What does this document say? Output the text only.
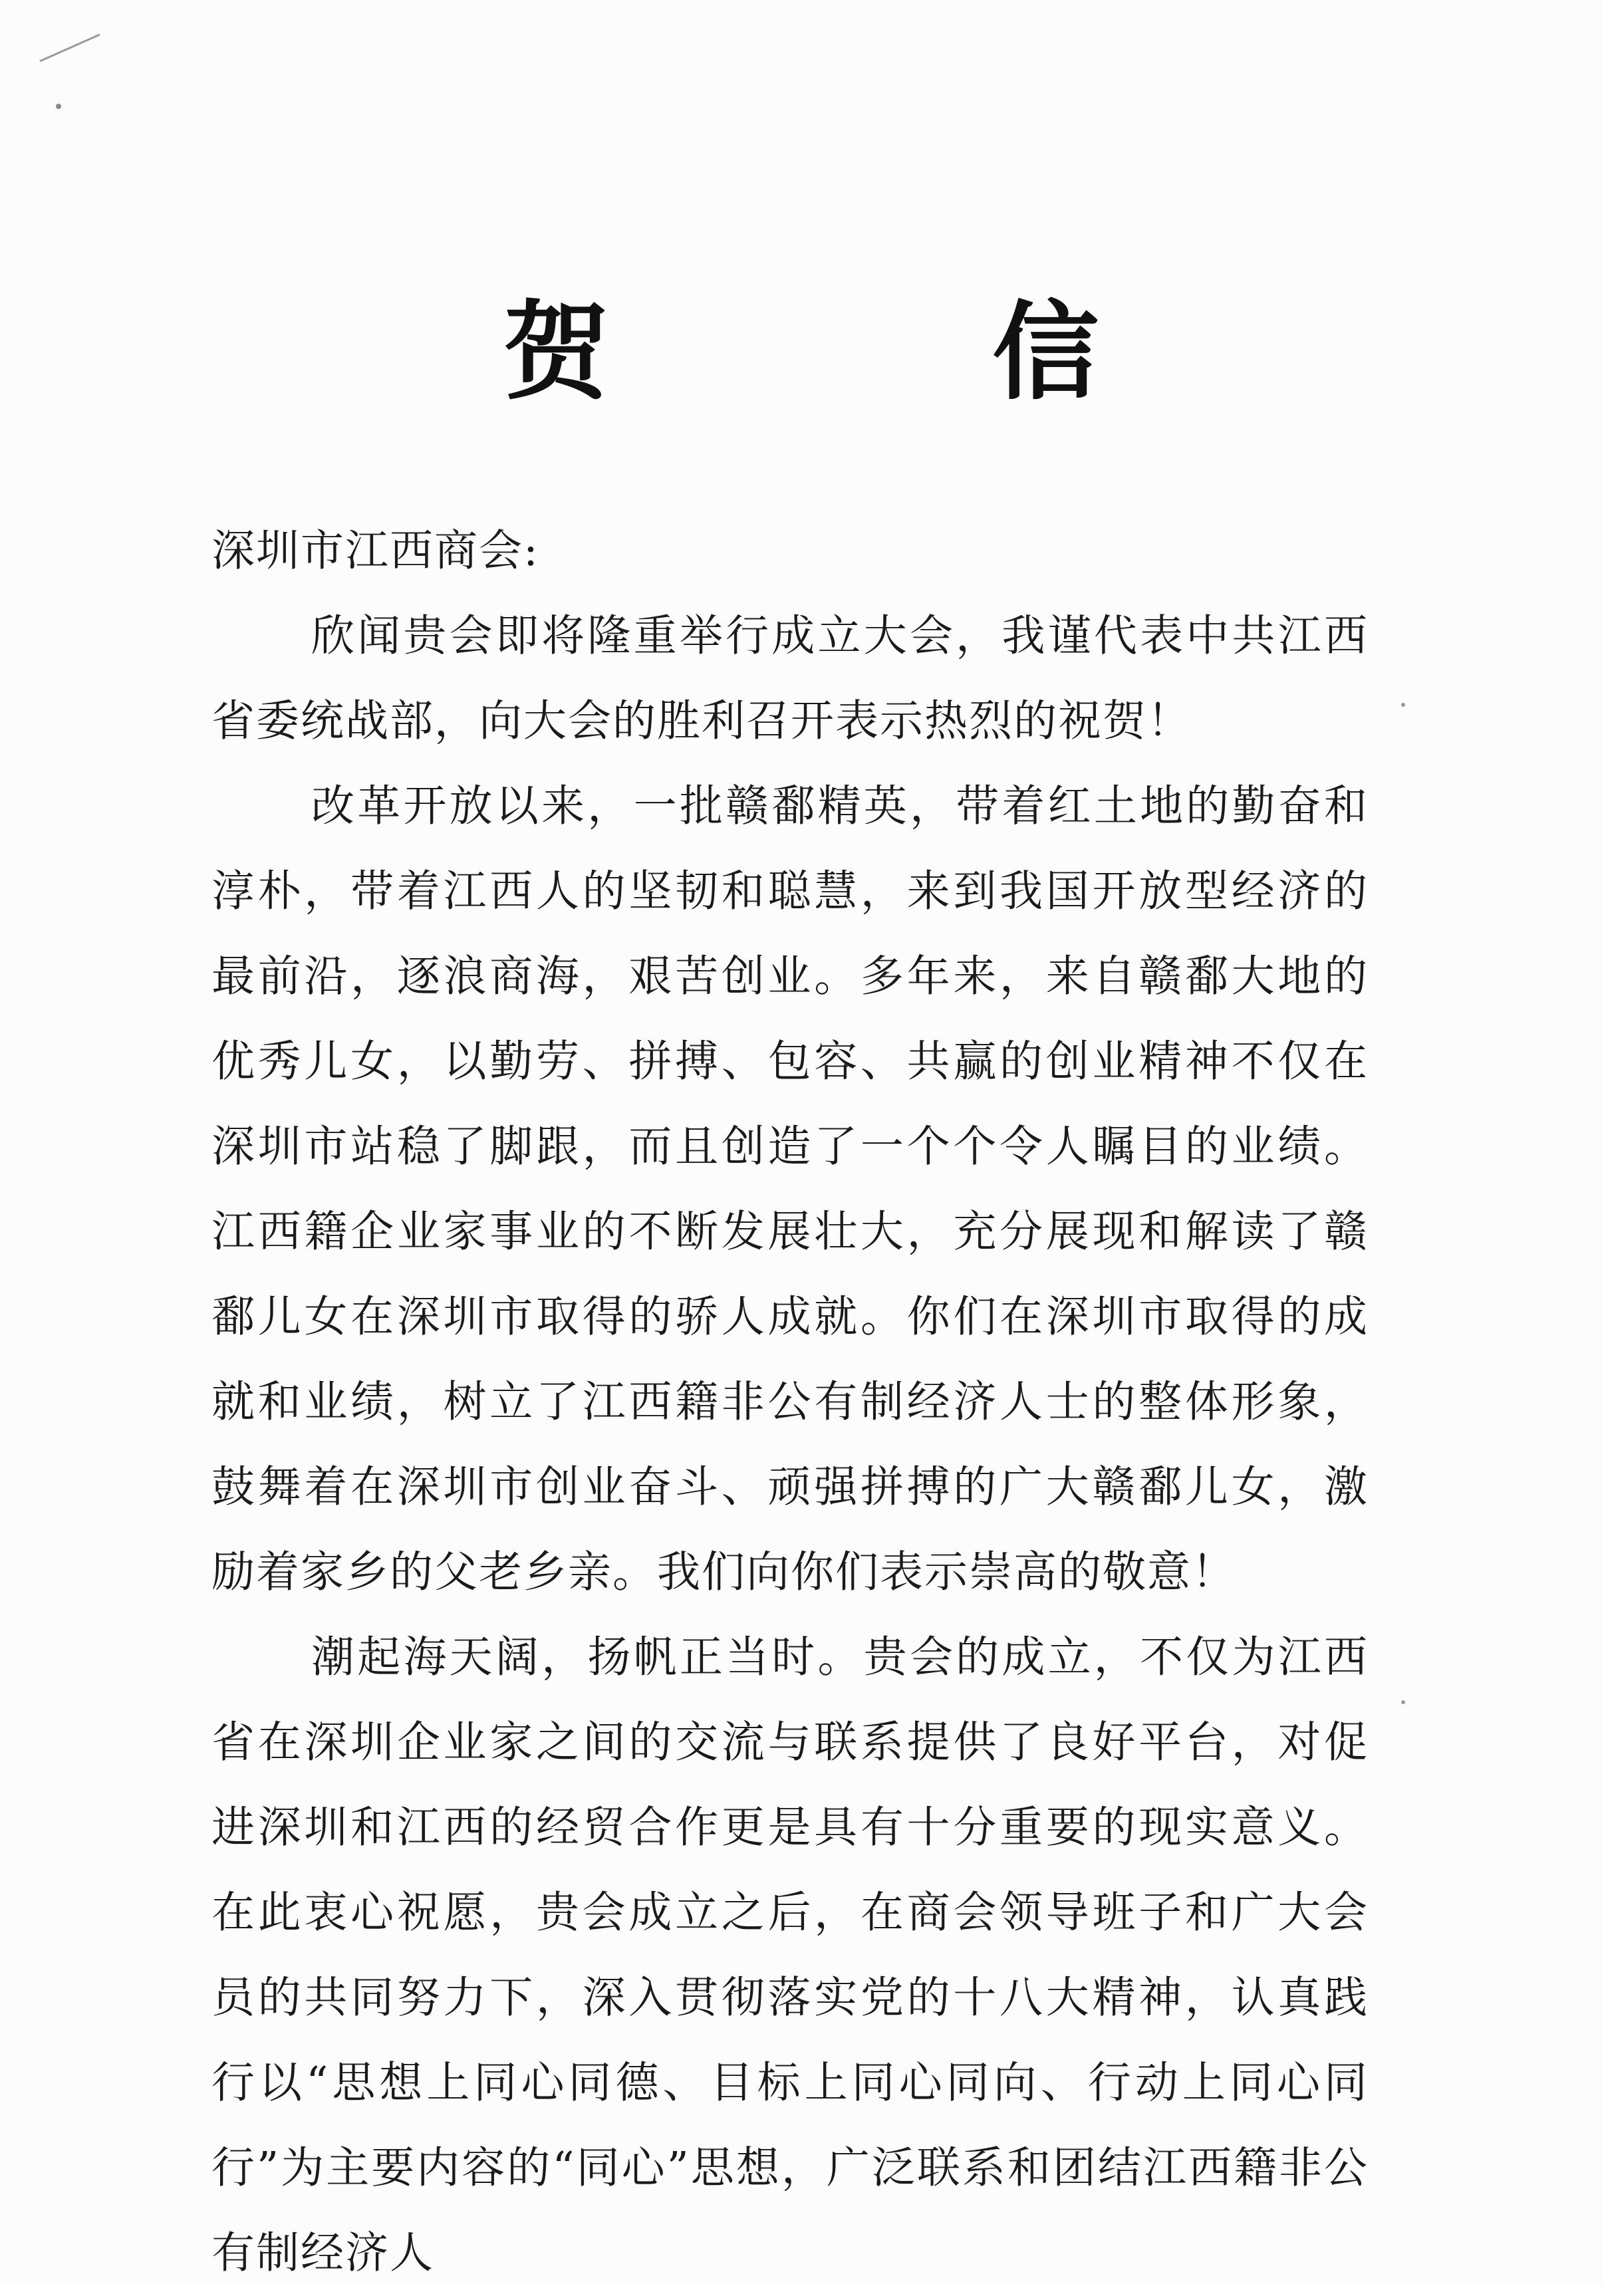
贺 信

深圳市江西商会:

欣闻贵会即将隆重举行成立大会，我谨代表中共江西省委统战部，向大会的胜利召开表示热烈的祝贺！

改革开放以来，一批赣鄱精英，带着红土地的勤奋和淳朴，带着江西人的坚韧和聪慧，来到我国开放型经济的最前沿，逐浪商海，艰苦创业。多年来，来自赣鄱大地的优秀儿女，以勤劳、拼搏、包容、共赢的创业精神不仅在深圳市站稳了脚跟，而且创造了一个个令人瞩目的业绩。江西籍企业家事业的不断发展壮大，充分展现和解读了赣鄱儿女在深圳市取得的骄人成就。你们在深圳市取得的成就和业绩，树立了江西籍非公有制经济人士的整体形象，鼓舞着在深圳市创业奋斗、顽强拼搏的广大赣鄱儿女，激励着家乡的父老乡亲。我们向你们表示崇高的敬意！

潮起海天阔，扬帆正当时。贵会的成立，不仅为江西省在深圳企业家之间的交流与联系提供了良好平台，对促进深圳和江西的经贸合作更是具有十分重要的现实意义。在此衷心祝愿，贵会成立之后，在商会领导班子和广大会员的共同努力下，深入贯彻落实党的十八大精神，认真践行以“思想上同心同德、目标上同心同向、行动上同心同行”为主要内容的“同心”思想，广泛联系和团结江西籍非公有制经济人
